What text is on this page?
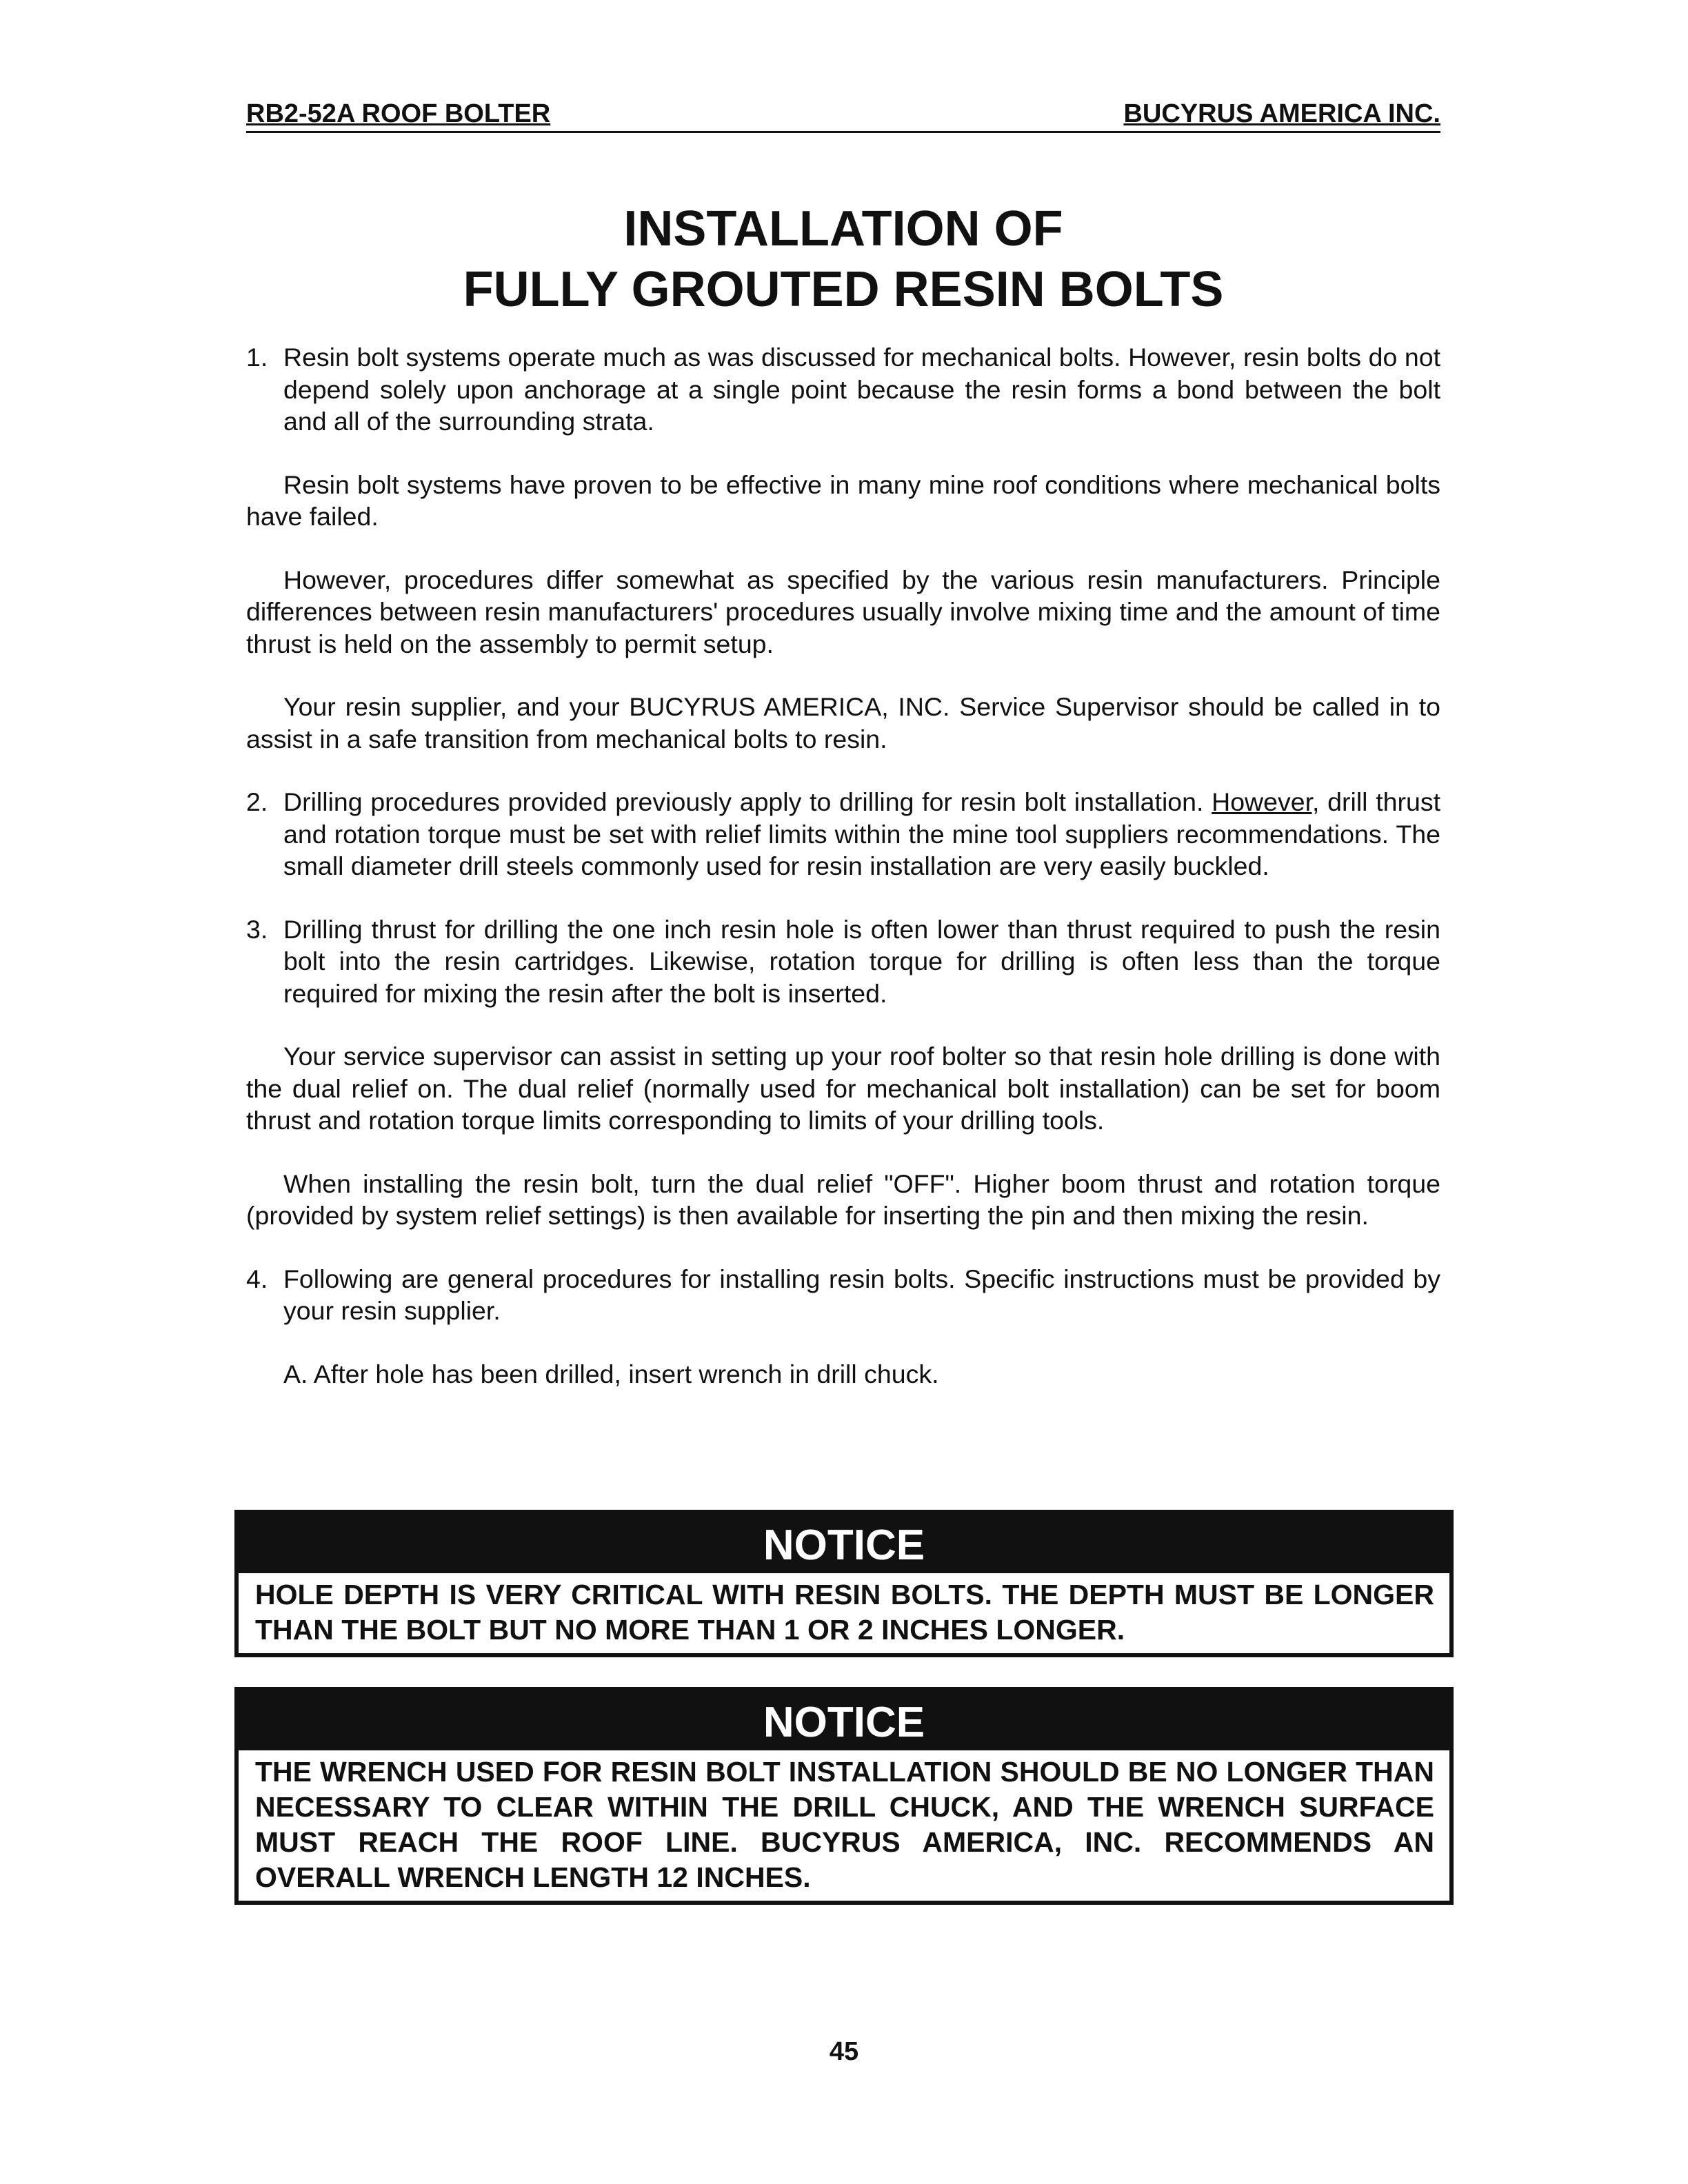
RB2-52A ROOF BOLTER	BUCYRUS AMERICA INC.
INSTALLATION OF
FULLY GROUTED RESIN BOLTS
1. Resin bolt systems operate much as was discussed for mechanical bolts. However, resin bolts do not depend solely upon anchorage at a single point because the resin forms a bond between the bolt and all of the surrounding strata.
Resin bolt systems have proven to be effective in many mine roof conditions where mechanical bolts have failed.
However, procedures differ somewhat as specified by the various resin manufacturers. Principle differences between resin manufacturers' procedures usually involve mixing time and the amount of time thrust is held on the assembly to permit setup.
Your resin supplier, and your BUCYRUS AMERICA, INC. Service Supervisor should be called in to assist in a safe transition from mechanical bolts to resin.
2. Drilling procedures provided previously apply to drilling for resin bolt installation. However, drill thrust and rotation torque must be set with relief limits within the mine tool suppliers recommendations. The small diameter drill steels commonly used for resin installation are very easily buckled.
3. Drilling thrust for drilling the one inch resin hole is often lower than thrust required to push the resin bolt into the resin cartridges. Likewise, rotation torque for drilling is often less than the torque required for mixing the resin after the bolt is inserted.
Your service supervisor can assist in setting up your roof bolter so that resin hole drilling is done with the dual relief on. The dual relief (normally used for mechanical bolt installation) can be set for boom thrust and rotation torque limits corresponding to limits of your drilling tools.
When installing the resin bolt, turn the dual relief "OFF". Higher boom thrust and rotation torque (provided by system relief settings) is then available for inserting the pin and then mixing the resin.
4. Following are general procedures for installing resin bolts. Specific instructions must be provided by your resin supplier.
A. After hole has been drilled, insert wrench in drill chuck.
NOTICE
HOLE DEPTH IS VERY CRITICAL WITH RESIN BOLTS. THE DEPTH MUST BE LONGER THAN THE BOLT BUT NO MORE THAN 1 OR 2 INCHES LONGER.
NOTICE
THE WRENCH USED FOR RESIN BOLT INSTALLATION SHOULD BE NO LONGER THAN NECESSARY TO CLEAR WITHIN THE DRILL CHUCK, AND THE WRENCH SURFACE MUST REACH THE ROOF LINE. BUCYRUS AMERICA, INC. RECOMMENDS AN OVERALL WRENCH LENGTH 12 INCHES.
45
